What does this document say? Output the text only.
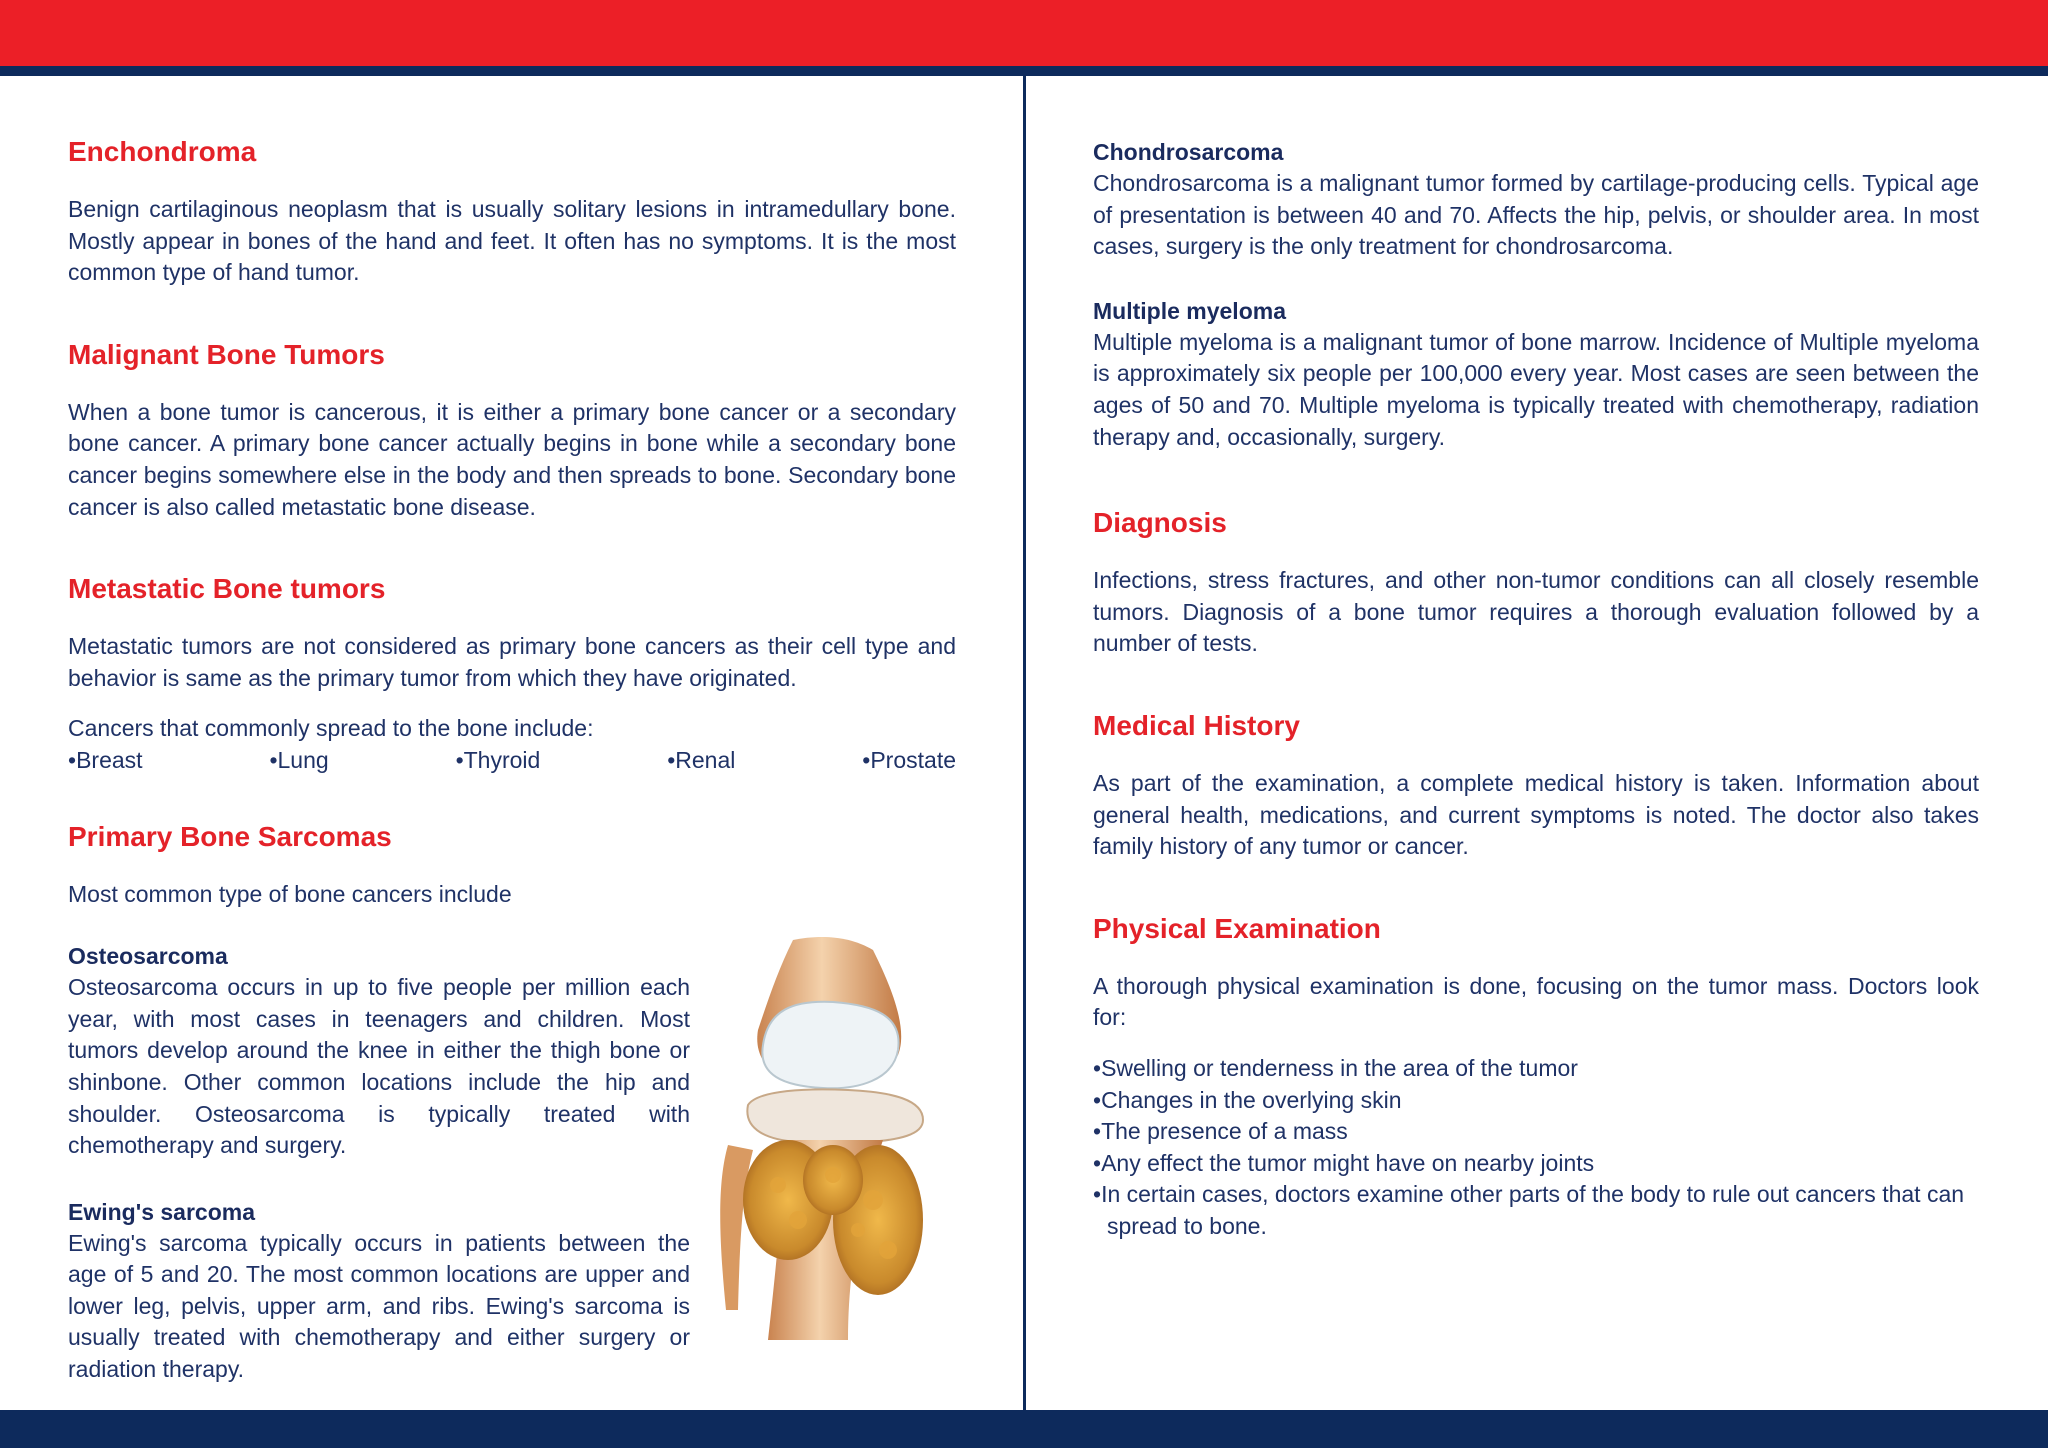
Enchondroma

Benign cartilaginous neoplasm that is usually solitary lesions in intramedullary bone. Mostly appear in bones of the hand and feet. It often has no symptoms. It is the most common type of hand tumor.

Malignant Bone Tumors

When a bone tumor is cancerous, it is either a primary bone cancer or a secondary bone cancer. A primary bone cancer actually begins in bone while a secondary bone cancer begins somewhere else in the body and then spreads to bone. Secondary bone cancer is also called metastatic bone disease.

Metastatic Bone tumors

Metastatic tumors are not considered as primary bone cancers as their cell type and behavior is same as the primary tumor from which they have originated.

Cancers that commonly spread to the bone include:

• Breast	• Lung	• Thyroid	• Renal	• Prostate
Primary Bone Sarcomas

Most common type of bone cancers include

Osteosarcoma

Osteosarcoma occurs in up to five people per million each year, with most cases in teenagers and children. Most tumors develop around the knee in either the thigh bone or shinbone. Other common locations include the hip and shoulder. Osteosarcoma is typically treated with chemotherapy and surgery.

Ewing's sarcoma

Ewing's sarcoma typically occurs in patients between the age of 5 and 20. The most common locations are upper and lower leg, pelvis, upper arm, and ribs. Ewing's sarcoma is usually treated with chemotherapy and either surgery or radiation therapy.

Chondrosarcoma

Chondrosarcoma is a malignant tumor formed by cartilage-producing cells. Typical age of presentation is between 40 and 70. Affects the hip, pelvis, or shoulder area. In most cases, surgery is the only treatment for chondrosarcoma.

Multiple myeloma

Multiple myeloma is a malignant tumor of bone marrow. Incidence of Multiple myeloma is approximately six people per 100,000 every year. Most cases are seen between the ages of 50 and 70. Multiple myeloma is typically treated with chemotherapy, radiation therapy and, occasionally, surgery.

Diagnosis

Infections, stress fractures, and other non-tumor conditions can all closely resemble tumors. Diagnosis of a bone tumor requires a thorough evaluation followed by a number of tests.

Medical History

As part of the examination, a complete medical history is taken. Information about general health, medications, and current symptoms is noted. The doctor also takes family history of any tumor or cancer.

Physical Examination

A thorough physical examination is done, focusing on the tumor mass. Doctors look for:

• Swelling or tenderness in the area of the tumor
• Changes in the overlying skin
• The presence of a mass
• Any effect the tumor might have on nearby joints
• In certain cases, doctors examine other parts of the body to rule out cancers that can spread to bone.
